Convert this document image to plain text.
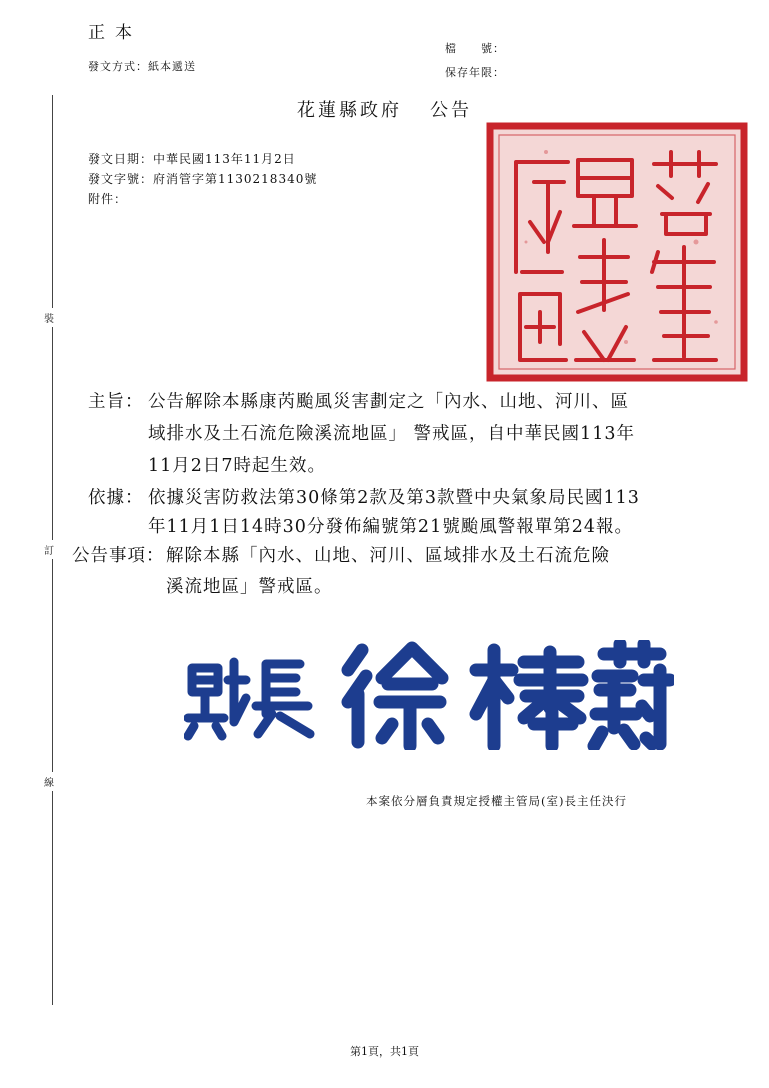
正本
發文方式：紙本遞送
檔　　號：
保存年限：
裝
訂
線
花蓮縣政府 公告
發文日期：中華民國113年11月2日
發文字號：府消管字第1130218340號
附件：
主旨： 公告解除本縣康芮颱風災害劃定之「內水、山地、河川、區
域排水及土石流危險溪流地區」 警戒區，自中華民國113年
11月2日7時起生效。
依據： 依據災害防救法第30條第2款及第3款暨中央氣象局民國113
年11月1日14時30分發佈編號第21號颱風警報單第24報。
公告事項： 解除本縣「內水、山地、河川、區域排水及土石流危險
溪流地區」警戒區。
本案依分層負責規定授權主管局(室)長主任決行
第1頁，共1頁
